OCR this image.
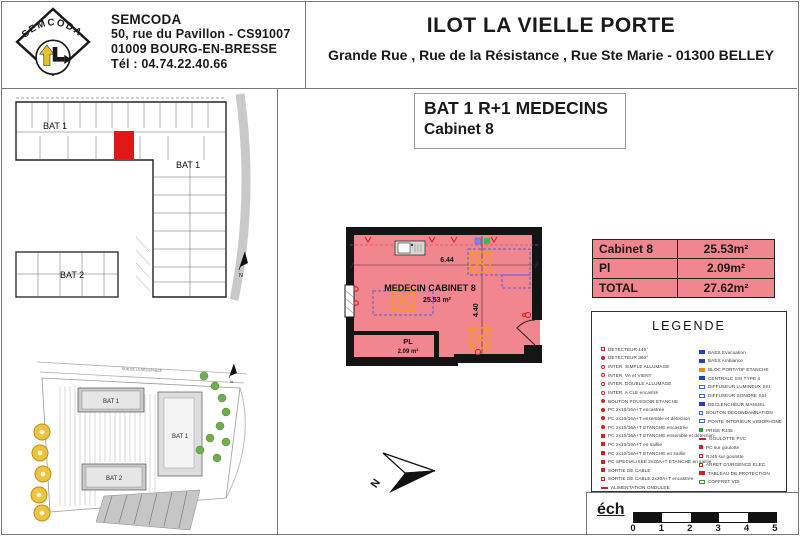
SEMCODA
SEMCODA
50, rue du Pavillon - CS91007
01009 BOURG-EN-BRESSE
Tél : 04.74.22.40.66
ILOT LA VIELLE PORTE
Grande Rue , Rue de la Résistance , Rue Ste Marie - 01300 BELLEY
BAT 1 R+1 MEDECINS
Cabinet 8
BAT 1
BAT 1
BAT 2	N
BAT 1
BAT 1
BAT 2
RUE DE LA RESISTANCE
N
6.44
4.40
MEDECIN CABINET 8
25.53 m²
PL
2.09 m²
N
Cabinet 8	25.53m²
Pl	2.09m²
TOTAL	27.62m²
LEGENDE
DETECTEUR 140°
DETECTEUR 360°
INTER. SIMPLE ALLUMAGE
INTER. VA et VIENT
INTER. DOUBLE ALLUMAGE
INTER. A CLE encastré
BOUTON POUSSOIR ETANCHE
PC 2x10/16A+T encastrée
PC 2x10/16A+T ensemble et détection
PC 2x10/16A+T ETANCHE encastrée
PC 2x10/16A+T ETANCHE ensemble et détection
PC 2x10/16A+T en saillie
PC 2x10/16A+T ETANCHE en saillie
PC SPECIALISEE 2x20A+T ETANCHE en saillie
SORTIE DE CABLE
SORTIE DE CABLE 2x20A+T encastrée
ALIMENTATION ONDULEE
BAES Evacuation
BAES Ambiance
BLOC PORTATIF ETANCHE
CENTRALE SSI TYPE 4
DIFFUSEUR LUMINEUX SSI
DIFFUSEUR SONORE SSI
DECLENCHEUR MANUEL
BOUTON DECONDAMNATION
POSTE INTERIEUR VISIOPHONE
PRISE RJ45
GOULOTTE PVC
PC sur goulotte
RJ45 sur goulotte
ARRET D'URGENCE ELEC.
TABLEAU DE PROTECTION
COFFRET VDI
éch
0	1	2	3	4	5
